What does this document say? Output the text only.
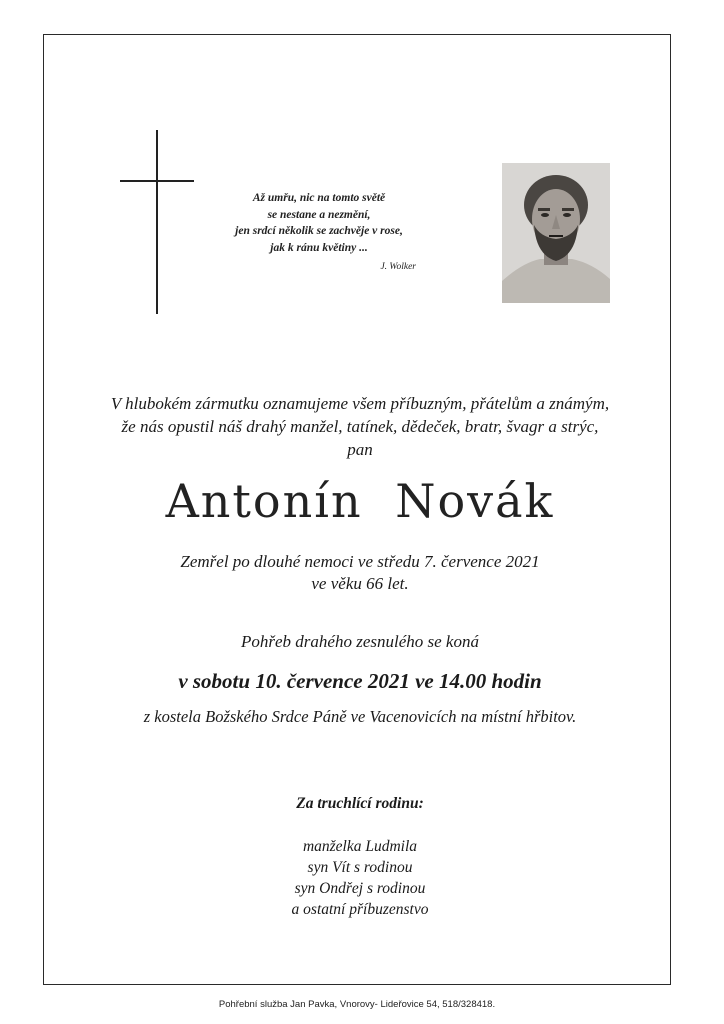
Až umřu, nic na tomto světě
se nestane a nezmění,
jen srdcí několik se zachvěje v rose,
jak k ránu květiny ...
J. Wolker
V hlubokém zármutku oznamujeme všem příbuzným, přátelům a známým,
že nás opustil náš drahý manžel, tatínek, dědeček, bratr, švagr a strýc,
pan
Antonín Novák
Zemřel po dlouhé nemoci ve středu 7. července 2021
ve věku 66 let.
Pohřeb drahého zesnulého se koná
v sobotu 10. července 2021 ve 14.00 hodin
z kostela Božského Srdce Páně ve Vacenovicích na místní hřbitov.
Za truchlící rodinu:
manželka Ludmila
syn Vít s rodinou
syn Ondřej s rodinou
a ostatní příbuzenstvo
Pohřební služba Jan Pavka, Vnorovy- Lideřovice 54, 518/328418.
